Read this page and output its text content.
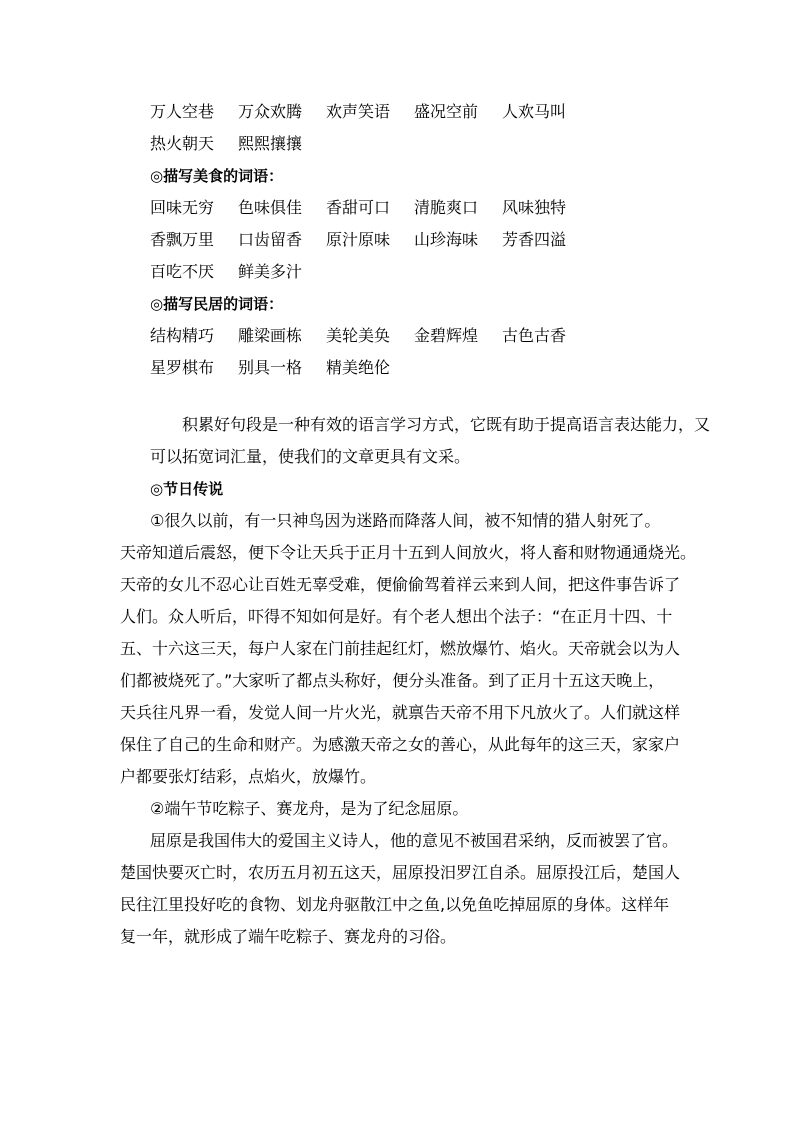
万人空巷 万众欢腾 欢声笑语 盛况空前 人欢马叫
热火朝天 熙熙攘攘
◎描写美食的词语：
回味无穷 色味俱佳 香甜可口 清脆爽口 风味独特
香飘万里 口齿留香 原汁原味 山珍海味 芳香四溢
百吃不厌 鲜美多汁
◎描写民居的词语：
结构精巧 雕梁画栋 美轮美奂 金碧辉煌 古色古香
星罗棋布 别具一格 精美绝伦
积累好句段是一种有效的语言学习方式，它既有助于提高语言表达能力，又
可以拓宽词汇量，使我们的文章更具有文采。
◎节日传说
①很久以前，有一只神鸟因为迷路而降落人间，被不知情的猎人射死了。
天帝知道后震怒，便下令让天兵于正月十五到人间放火，将人畜和财物通通烧光。
天帝的女儿不忍心让百姓无辜受难，便偷偷驾着祥云来到人间，把这件事告诉了
人们。众人听后，吓得不知如何是好。有个老人想出个法子：“在正月十四、十
五、十六这三天，每户人家在门前挂起红灯，燃放爆竹、焰火。天帝就会以为人
们都被烧死了。”大家听了都点头称好，便分头准备。到了正月十五这天晚上，
天兵往凡界一看，发觉人间一片火光，就禀告天帝不用下凡放火了。人们就这样
保住了自己的生命和财产。为感激天帝之女的善心，从此每年的这三天，家家户
户都要张灯结彩，点焰火，放爆竹。
②端午节吃粽子、赛龙舟，是为了纪念屈原。
屈原是我国伟大的爱国主义诗人，他的意见不被国君采纳，反而被罢了官。
楚国快要灭亡时，农历五月初五这天，屈原投汨罗江自杀。屈原投江后，楚国人
民往江里投好吃的食物、划龙舟驱散江中之鱼,以免鱼吃掉屈原的身体。这样年
复一年，就形成了端午吃粽子、赛龙舟的习俗。
